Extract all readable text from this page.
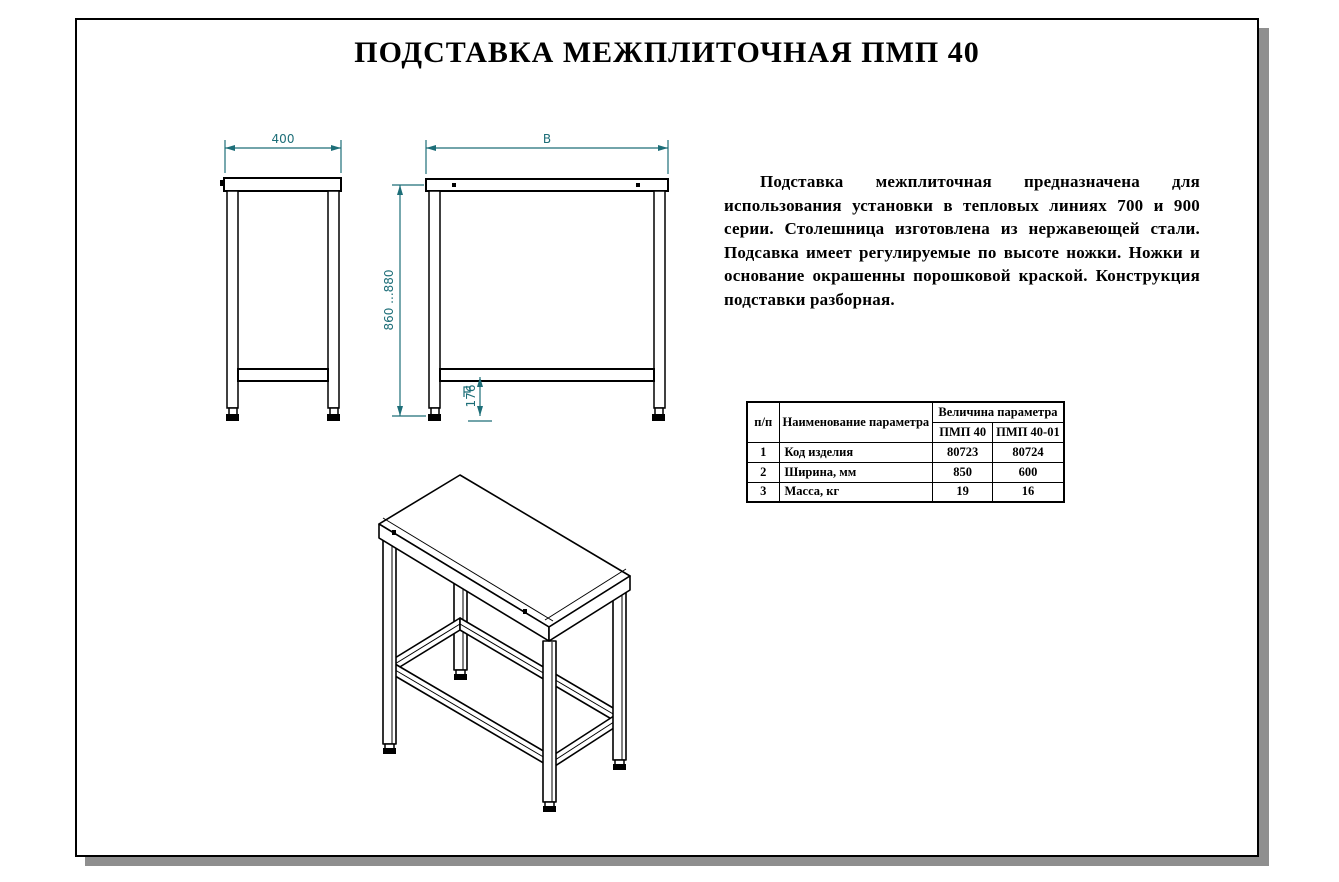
ПОДСТАВКА МЕЖПЛИТОЧНАЯ ПМП 40
400	B
860 ...880
176
Подставка межплиточная предназначена для использования установки в тепловых линиях 700 и 900 серии. Столешница изготовлена из нержавеющей стали. Подсавка имеет регулируемые по высоте ножки. Ножки и основание окрашенны порошковой краской. Конструкция подставки разборная.
п/п	Наименование параметра	Величина параметра	
		ПМП 40	ПМП 40-01
1	Код изделия	80723	80724
2	Ширина, мм	850	600
3	Масса, кг	19	16
